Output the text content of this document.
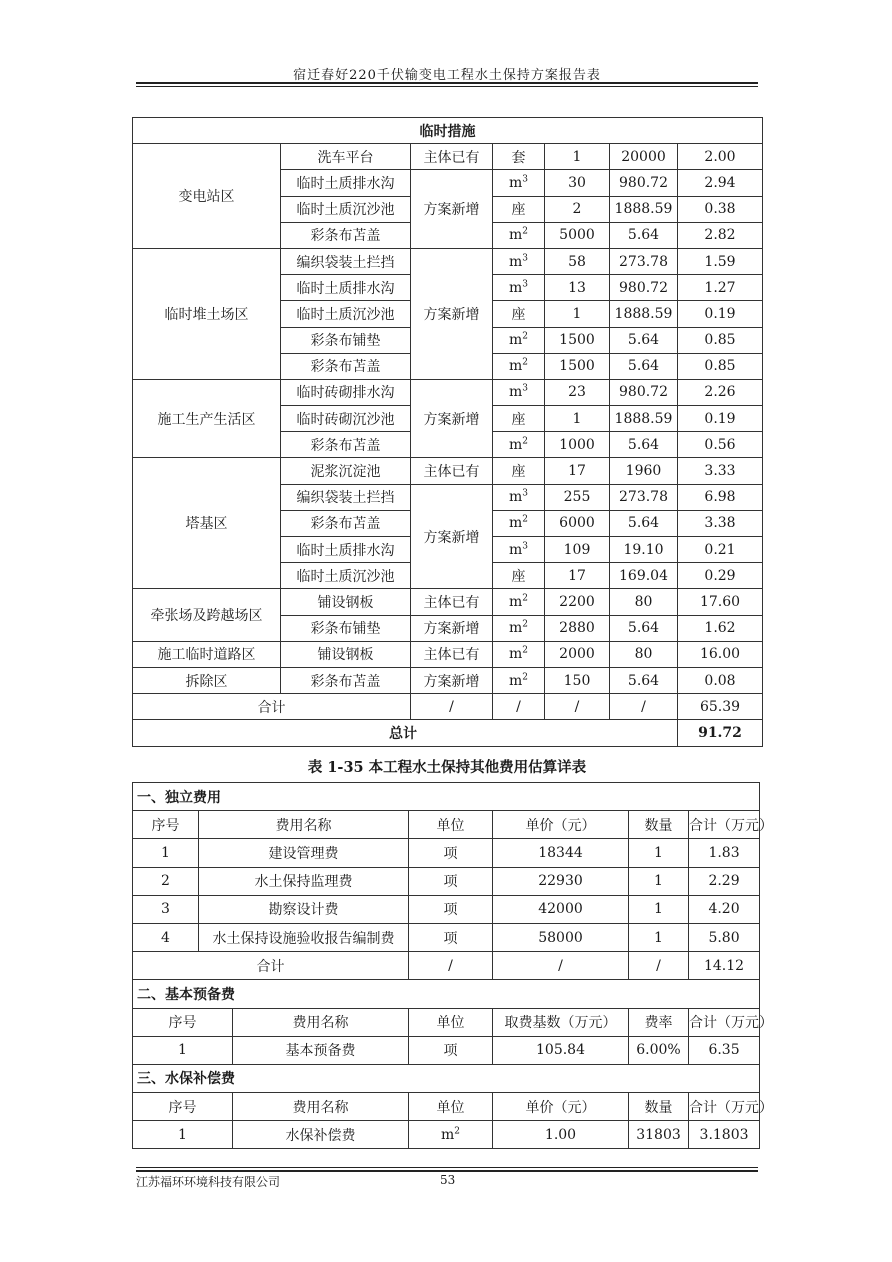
宿迁春好220千伏输变电工程水土保持方案报告表
临时措施						
变电站区	洗车平台	主体已有	套	1	20000	2.00
	临时土质排水沟	方案新增	$m^3$	30	980.72	2.94
	临时土质沉沙池		座	2	1888.59	0.38
	彩条布苫盖		$m^2$	5000	5.64	2.82
临时堆土场区	编织袋装土拦挡	方案新增	$m^3$	58	273.78	1.59
	临时土质排水沟		$m^3$	13	980.72	1.27
	临时土质沉沙池		座	1	1888.59	0.19
	彩条布铺垫		$m^2$	1500	5.64	0.85
	彩条布苫盖		$m^2$	1500	5.64	0.85
施工生产生活区	临时砖砌排水沟	方案新增	$m^3$	23	980.72	2.26
	临时砖砌沉沙池		座	1	1888.59	0.19
	彩条布苫盖		$m^2$	1000	5.64	0.56
塔基区	泥浆沉淀池	主体已有	座	17	1960	3.33
	编织袋装土拦挡	方案新增	$m^3$	255	273.78	6.98
	彩条布苫盖		$m^2$	6000	5.64	3.38
	临时土质排水沟		$m^3$	109	19.10	0.21
	临时土质沉沙池		座	17	169.04	0.29
牵张场及跨越场区	铺设钢板	主体已有	$m^2$	2200	80	17.60
	彩条布铺垫	方案新增	$m^2$	2880	5.64	1.62
施工临时道路区	铺设钢板	主体已有	$m^2$	2000	80	16.00
拆除区	彩条布苫盖	方案新增	$m^2$	150	5.64	0.08
合计		/	/	/	/	65.39
总计						91.72
表 1-35 本工程水土保持其他费用估算详表
一、独立费用						
序号	费用名称		单位	单价（元）	数量	合计（万元）
1	建设管理费		项	18344	1	1.83
2	水土保持监理费		项	22930	1	2.29
3	勘察设计费		项	42000	1	4.20
4	水土保持设施验收报告编制费		项	58000	1	5.80
合计			/	/	/	14.12
二、基本预备费						
序号		费用名称	单位	取费基数（万元）	费率	合计（万元）
1		基本预备费	项	105.84	6.00%	6.35
三、水保补偿费						
序号		费用名称	单位	单价（元）	数量	合计（万元）
1		水保补偿费	$m^2$	1.00	31803	3.1803
江苏福环环境科技有限公司	53
